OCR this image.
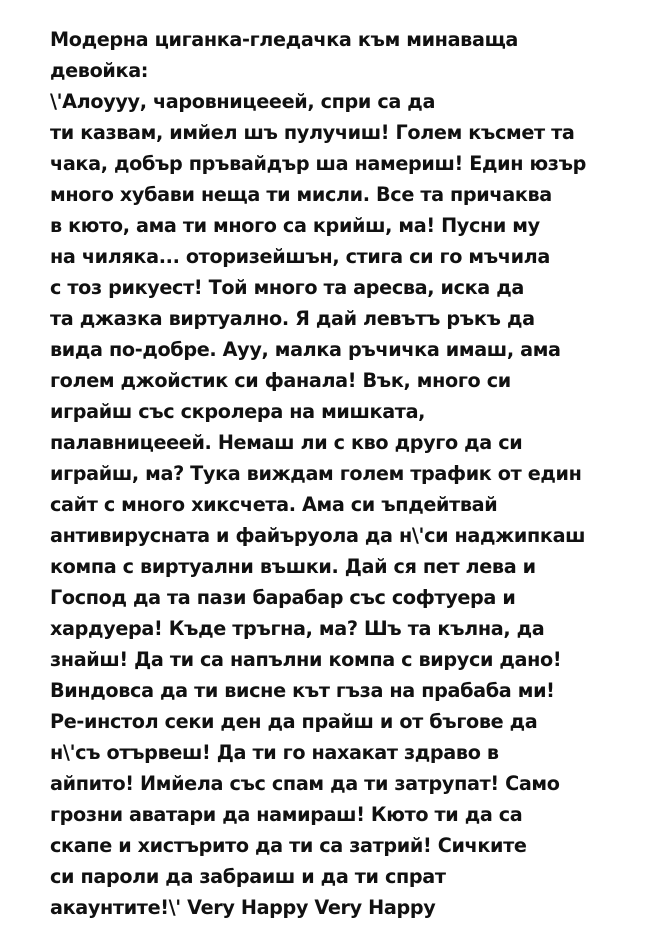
Модерна циганка-гледачка към минаваща
девойка:
\'Алоууу, чаровницееей, спри са да
ти казвам, имйел шъ пулучиш! Голем късмет та
чака, добър пръвайдър ша намериш! Един юзър
много хубави неща ти мисли. Все та причаква
в кюто, ама ти много са крийш, ма! Пусни му
на чиляка... оторизейшън, стига си го мъчила
с тоз рикуест! Той много та аресва, иска да
та джазка виртуално. Я дай левътъ ръкъ да
вида по-добре. Ауу, малка ръчичка имаш, ама
голем джойстик си фанала! Вък, много си
играйш със скролера на мишката,
палавницееей. Немаш ли с кво друго да си
играйш, ма? Тука виждам голем трафик от един
сайт с много хиксчета. Ама си ъпдейтвай
антивирусната и файъруола да н\'си наджипкаш
компа с виртуални въшки. Дай ся пет лева и
Господ да та пази барабар със софтуера и
хардуера! Къде тръгна, ма? Шъ та кълна, да
знайш! Да ти са напълни компа с вируси дано!
Виндовса да ти висне кът гъза на прабаба ми!
Ре-инстол секи ден да прайш и от бъгове да
н\'съ отървеш! Да ти го нахакат здраво в
айпито! Имйела със спам да ти затрупат! Само
грозни аватари да намираш! Кюто ти да са
скапе и хистърито да ти са затрий! Сичките
си пароли да забраиш и да ти спрат
акаунтите!\' Very Happy Very Happy
